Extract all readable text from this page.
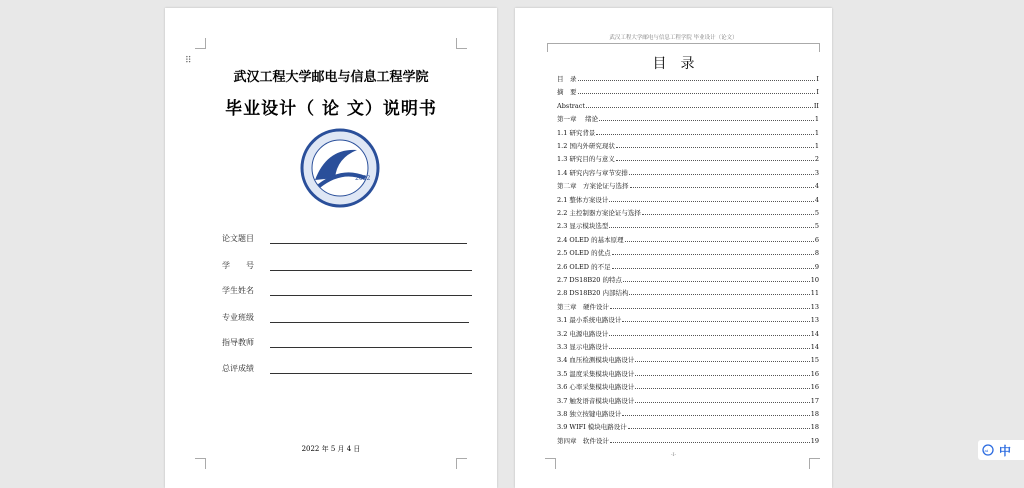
武汉工程大学邮电与信息工程学院
毕业设计（ 论 文）说明书
2002
论文题目
学　　号
学生姓名
专业班级
指导教师
总评成绩
2022 年 5 月 4 日
⠿
武汉工程大学邮电与信息工程学院 毕业设计（论文）
目　录
目　录	I
摘　要	I
Abstract	II
第一章　 绪论	1
1.1 研究背景	1
1.2 国内外研究现状	1
1.3 研究目的与意义	2
1.4 研究内容与章节安排	3
第二章　方案论证与选择	4
2.1 整体方案设计	4
2.2 主控制器方案论证与选择	5
2.3 显示模块选型	5
2.4 OLED 的基本原理	6
2.5 OLED 的优点	8
2.6 OLED 的不足	9
2.7 DS18B20 的特点	10
2.8 DS18B20 内部结构	11
第三章　硬件设计	13
3.1 最小系统电路设计	13
3.2 电源电路设计	14
3.3 显示电路设计	14
3.4 血压检测模块电路设计	15
3.5 温度采集模块电路设计	16
3.6 心率采集模块电路设计	16
3.7 触发语音模块电路设计	17
3.8 独立按键电路设计	18
3.9 WIFI 模块电路设计	18
第四章　软件设计	19
-I-
ai 中
